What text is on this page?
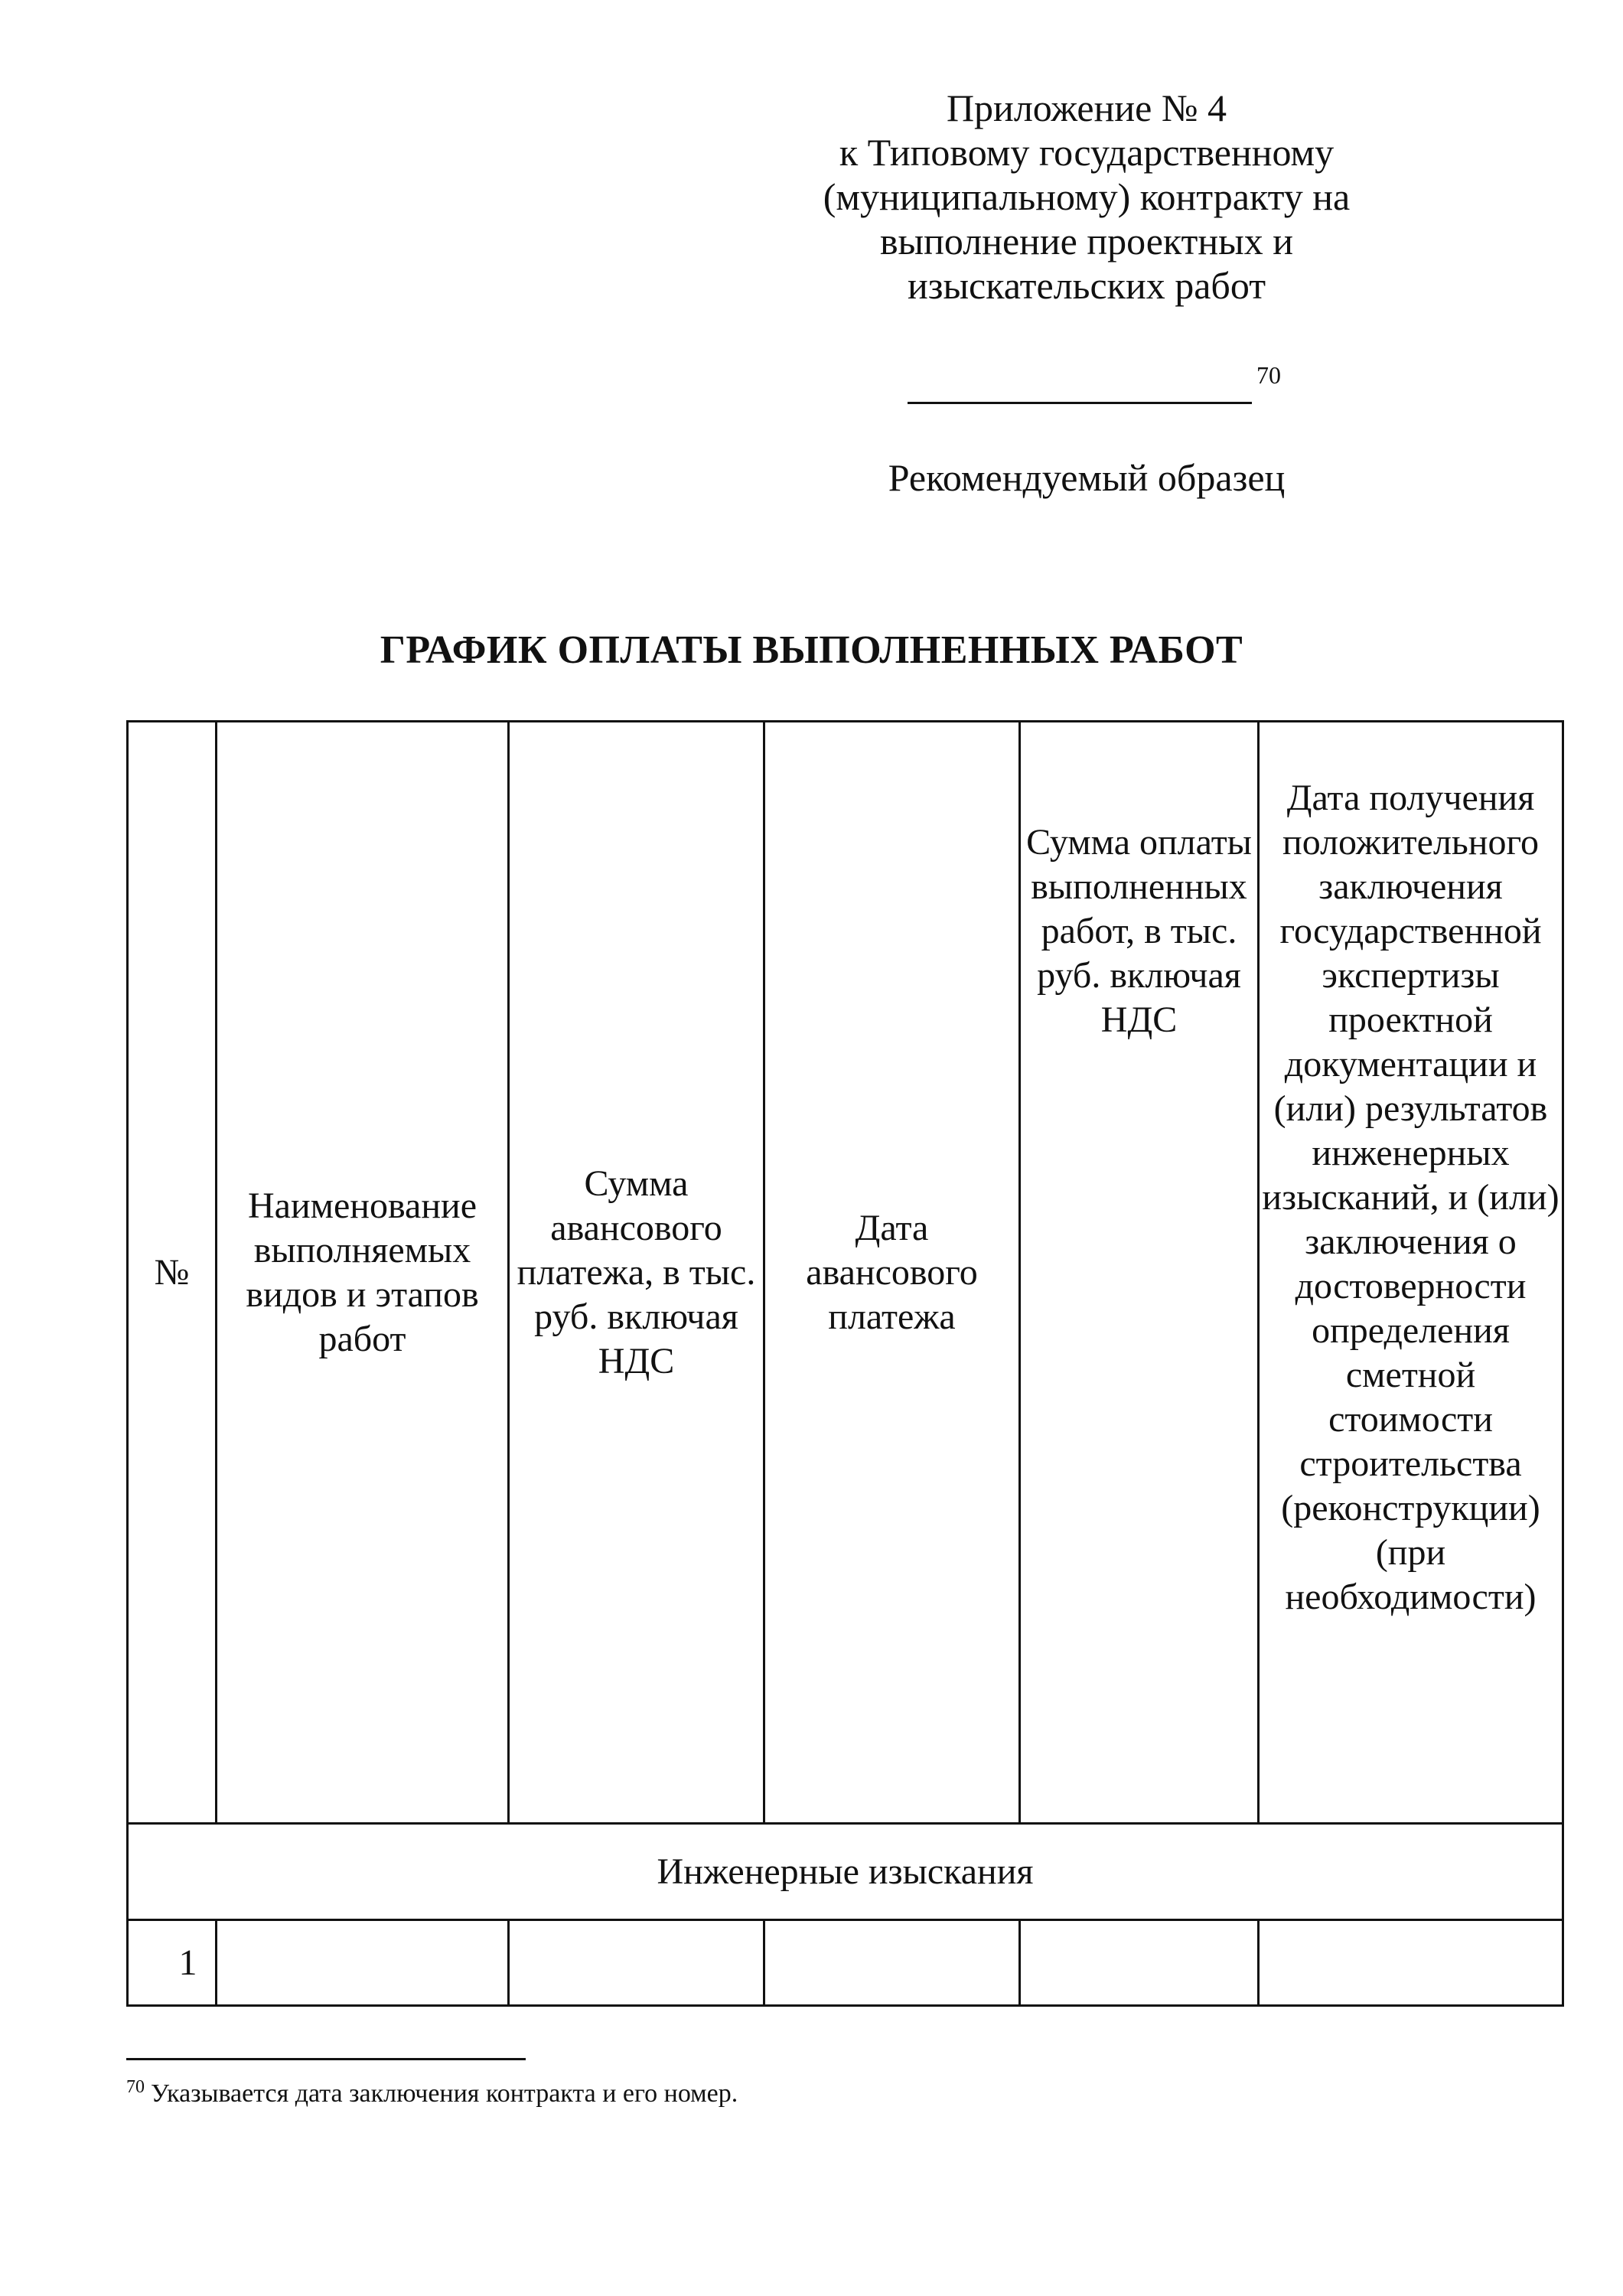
Приложение № 4
к Типовому государственному
(муниципальному) контракту на
выполнение проектных и
изыскательских работ
70
Рекомендуемый образец
ГРАФИК ОПЛАТЫ ВЫПОЛНЕННЫХ РАБОТ
№	Наименование выполняемых видов и этапов работ	Сумма авансового платежа, в тыс. руб. включая НДС	Дата авансового платежа	Сумма оплаты выполненных работ, в тыс. руб. включая НДС	Дата получения положительного заключения государственной экспертизы проектной документации и (или) результатов инженерных изысканий, и (или) заключения о достоверности определения сметной стоимости строительства (реконструкции) (при необходимости)
Инженерные изыскания					
1					
$^{70}$ Указывается дата заключения контракта и его номер.
